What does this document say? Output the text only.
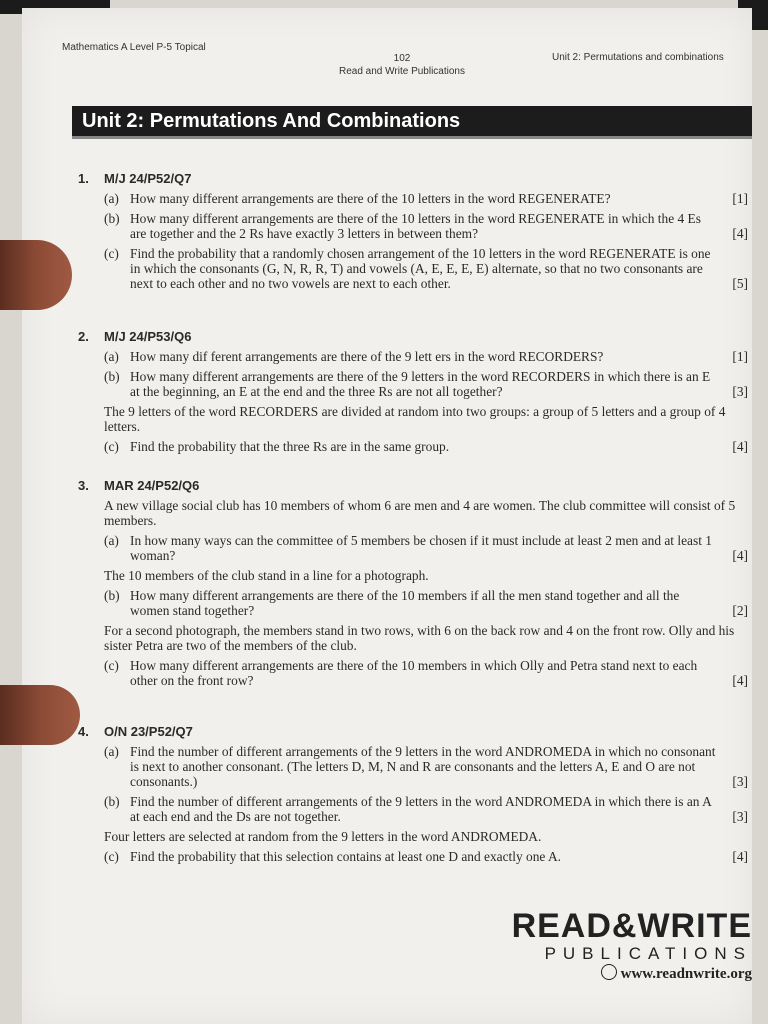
Mathematics A Level P-5 Topical
102
Read and Write Publications
Unit 2: Permutations and combinations
Unit 2: Permutations And Combinations
1. M/J 24/P52/Q7
(a) How many different arrangements are there of the 10 letters in the word REGENERATE?	[1]
(b) How many different arrangements are there of the 10 letters in the word REGENERATE in which the 4 Es are together and the 2 Rs have exactly 3 letters in between them?	[4]
(c) Find the probability that a randomly chosen arrangement of the 10 letters in the word REGENERATE is one in which the consonants (G, N, R, R, T) and vowels (A, E, E, E, E) alternate, so that no two consonants are next to each other and no two vowels are next to each other.	[5]
2. M/J 24/P53/Q6
(a) How many dif ferent arrangements are there of the 9 lett ers in the word RECORDERS?	[1]
(b) How many different arrangements are there of the 9 letters in the word RECORDERS in which there is an E at the beginning, an E at the end and the three Rs are not all together?	[3]
The 9 letters of the word RECORDERS are divided at random into two groups: a group of 5 letters and a group of 4 letters.
(c) Find the probability that the three Rs are in the same group.	[4]
3. MAR 24/P52/Q6
A new village social club has 10 members of whom 6 are men and 4 are women. The club committee will consist of 5 members.
(a) In how many ways can the committee of 5 members be chosen if it must include at least 2 men and at least 1 woman?	[4]
The 10 members of the club stand in a line for a photograph.
(b) How many different arrangements are there of the 10 members if all the men stand together and all the women stand together?	[2]
For a second photograph, the members stand in two rows, with 6 on the back row and 4 on the front row. Olly and his sister Petra are two of the members of the club.
(c) How many different arrangements are there of the 10 members in which Olly and Petra stand next to each other on the front row?	[4]
4. O/N 23/P52/Q7
(a) Find the number of different arrangements of the 9 letters in the word ANDROMEDA in which no consonant is next to another consonant. (The letters D, M, N and R are consonants and the letters A, E and O are not consonants.)	[3]
(b) Find the number of different arrangements of the 9 letters in the word ANDROMEDA in which there is an A at each end and the Ds are not together.	[3]
Four letters are selected at random from the 9 letters in the word ANDROMEDA.
(c) Find the probability that this selection contains at least one D and exactly one A.	[4]
READ&WRITE
PUBLICATIONS
www.readnwrite.org
